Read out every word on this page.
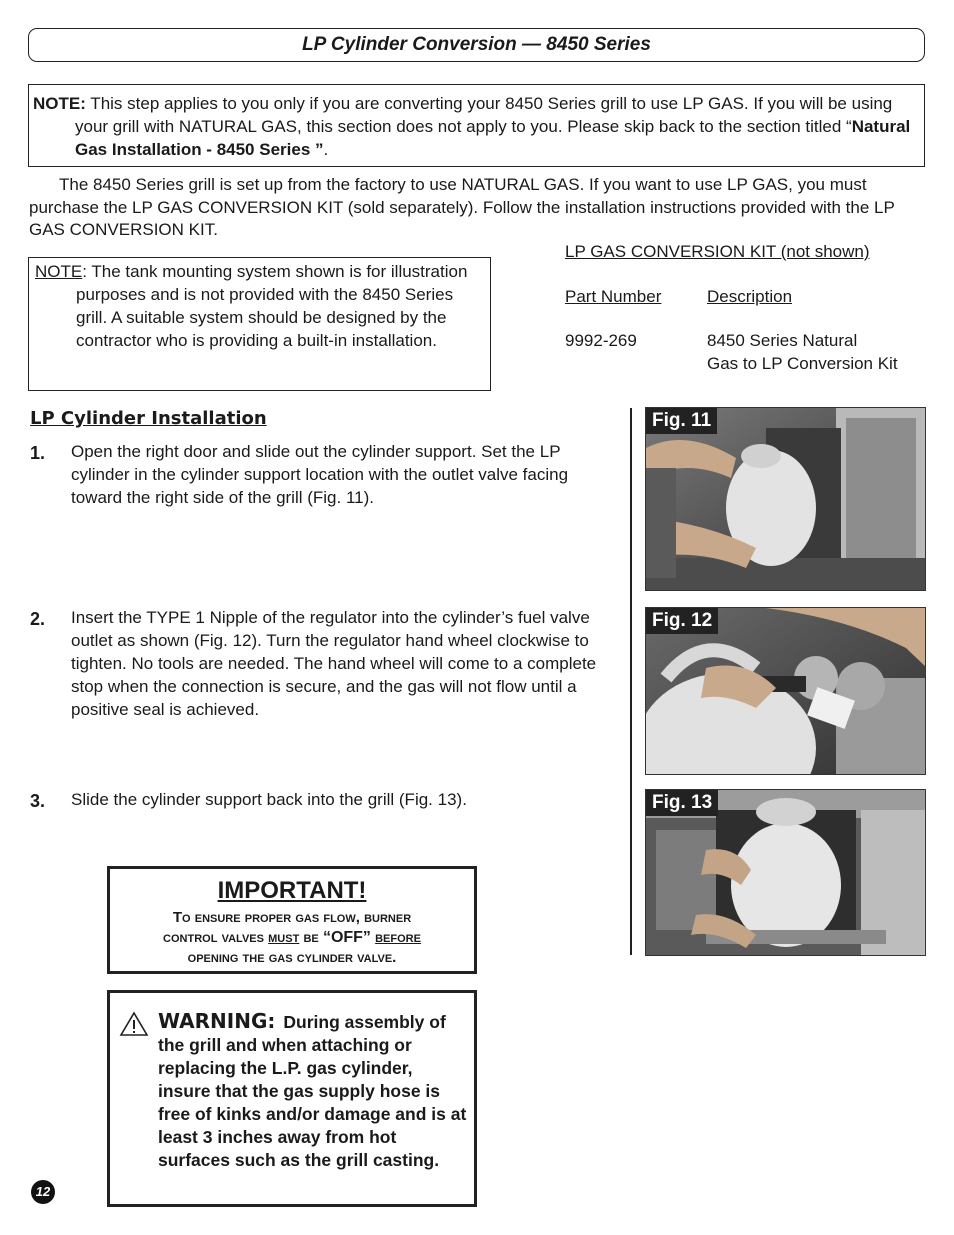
LP Cylinder Conversion — 8450 Series
NOTE: This step applies to you only if you are converting your 8450 Series grill to use LP GAS. If you will be using your grill with NATURAL GAS, this section does not apply to you. Please skip back to the section titled “Natural Gas Installation - 8450 Series ”.
The 8450 Series grill is set up from the factory to use NATURAL GAS. If you want to use LP GAS, you must purchase the LP GAS CONVERSION KIT (sold separately). Follow the installation instructions provided with the LP GAS CONVERSION KIT.
NOTE: The tank mounting system shown is for illustration purposes and is not provided with the 8450 Series grill. A suitable system should be designed by the contractor who is providing a built-in installation.
LP GAS CONVERSION KIT (not shown)
Part Number	Description
9992-269	8450 Series Natural
Gas to LP Conversion Kit
LP Cylinder Installation
1. Open the right door and slide out the cylinder support. Set the LP cylinder in the cylinder support location with the outlet valve facing toward the right side of the grill (Fig. 11).
2. Insert the TYPE 1 Nipple of the regulator into the cylinder’s fuel valve outlet as shown (Fig. 12). Turn the regulator hand wheel clockwise to tighten. No tools are needed. The hand wheel will come to a complete stop when the connection is secure, and the gas will not flow until a positive seal is achieved.
3. Slide the cylinder support back into the grill (Fig. 13).
Fig. 11
Fig. 12
Fig. 13
IMPORTANT!
To ensure proper gas flow, burner
control valves must be “OFF” before
opening the gas cylinder valve.
WARNING: During assembly of the grill and when attaching or replacing the L.P. gas cylinder, insure that the gas supply hose is free of kinks and/or damage and is at least 3 inches away from hot surfaces such as the grill casting.
12
